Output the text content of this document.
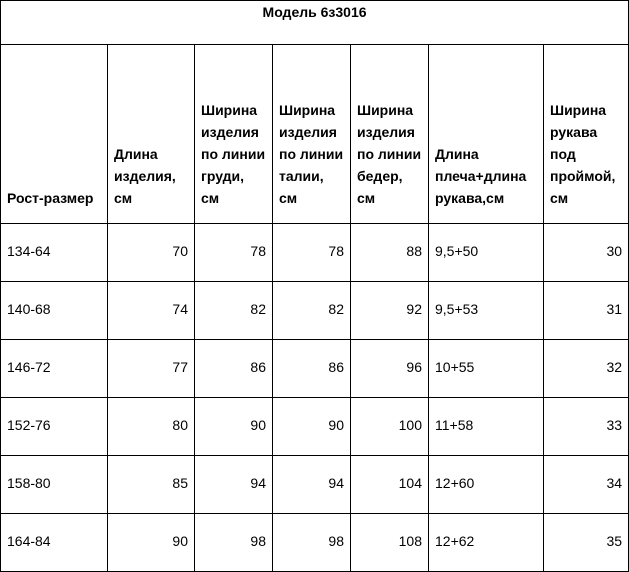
Модель 6з3016						
Рост-размер	Длина изделия, см	Ширина изделия по линии груди, см	Ширина изделия по линии талии, см	Ширина изделия по линии бедер, см	Длина плеча+длина рукава,см	Ширина рукава под проймой, см
134-64	70	78	78	88	9,5+50	30
140-68	74	82	82	92	9,5+53	31
146-72	77	86	86	96	10+55	32
152-76	80	90	90	100	11+58	33
158-80	85	94	94	104	12+60	34
164-84	90	98	98	108	12+62	35
